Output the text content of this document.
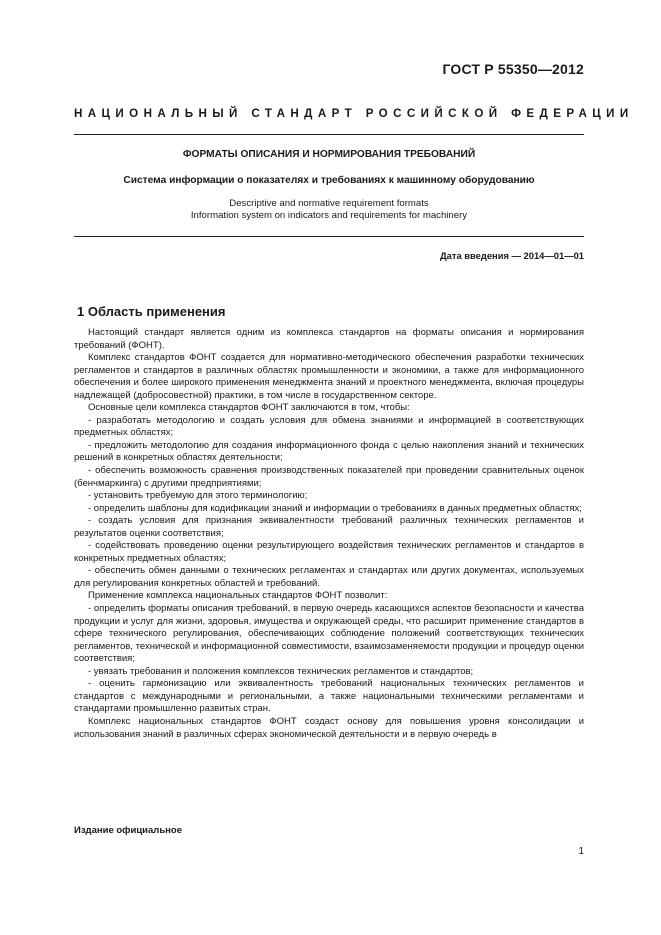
ГОСТ Р 55350—2012
НАЦИОНАЛЬНЫЙ СТАНДАРТ РОССИЙСКОЙ ФЕДЕРАЦИИ
ФОРМАТЫ ОПИСАНИЯ И НОРМИРОВАНИЯ ТРЕБОВАНИЙ
Система информации о показателях и требованиях к машинному оборудованию
Descriptive and normative requirement formats
Information system on indicators and requirements for machinery
Дата введения — 2014—01—01
1 Область применения

Настоящий стандарт является одним из комплекса стандартов на форматы описания и нормирования требований (ФОНТ).

Комплекс стандартов ФОНТ создается для нормативно-методического обеспечения разработки технических регламентов и стандартов в различных областях промышленности и экономики, а также для информационного обеспечения и более широкого применения менеджмента знаний и проектного менеджмента, включая процедуры надлежащей (добросовестной) практики, в том числе в государственном секторе.

Основные цели комплекса стандартов ФОНТ заключаются в том, чтобы:

- разработать методологию и создать условия для обмена знаниями и информацией в соответствующих предметных областях;

- предложить методологию для создания информационного фонда с целью накопления знаний и технических решений в конкретных областях деятельности;

- обеспечить возможность сравнения производственных показателей при проведении сравнительных оценок (бенчмаркинга) с другими предприятиями;

- установить требуемую для этого терминологию;

- определить шаблоны для кодификации знаний и информации о требованиях в данных предметных областях;

- создать условия для признания эквивалентности требований различных технических регламентов и результатов оценки соответствия;

- содействовать проведению оценки результирующего воздействия технических регламентов и стандартов в конкретных предметных областях;

- обеспечить обмен данными о технических регламентах и стандартах или других документах, используемых для регулирования конкретных областей и требований.

Применение комплекса национальных стандартов ФОНТ позволит:

- определить форматы описания требований, в первую очередь касающихся аспектов безопасности и качества продукции и услуг для жизни, здоровья, имущества и окружающей среды, что расширит применение стандартов в сфере технического регулирования, обеспечивающих соблюдение положений соответствующих технических регламентов, технической и информационной совместимости, взаимозаменяемости продукции и процедур оценки соответствия;

- увязать требования и положения комплексов технических регламентов и стандартов;

- оценить гармонизацию или эквивалентность требований национальных технических регламентов и стандартов с международными и региональными, а также национальными техническими регламентами и стандартами промышленно развитых стран.

Комплекс национальных стандартов ФОНТ создаст основу для повышения уровня консолидации и использования знаний в различных сферах экономической деятельности и в первую очередь в

Издание официальное
1
